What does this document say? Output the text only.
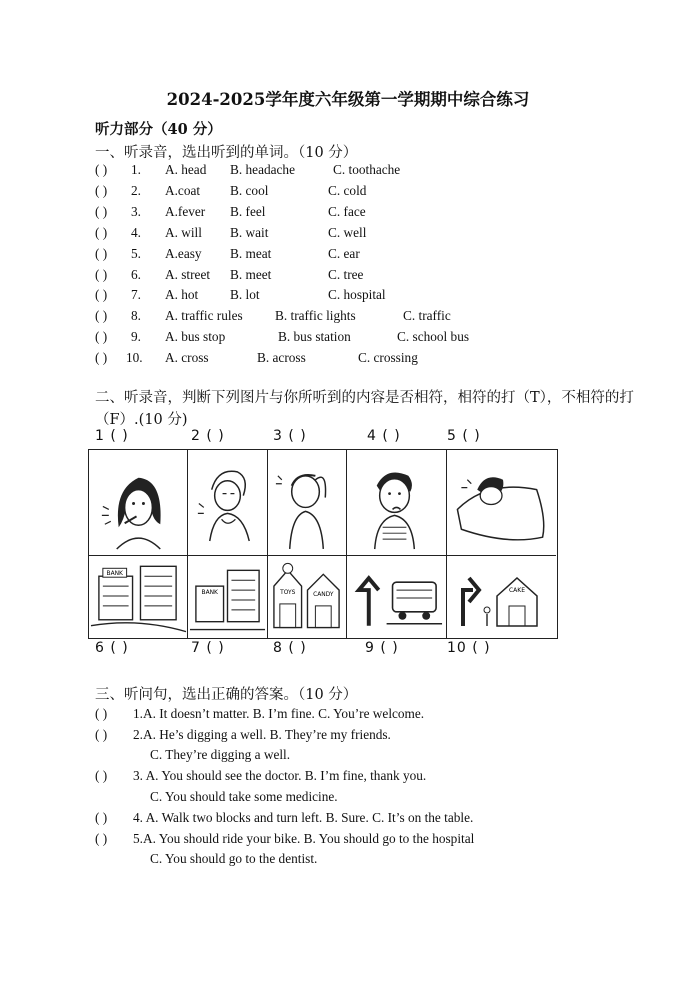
2024-2025学年度六年级第一学期期中综合练习
听力部分（40 分）
一、听录音，选出听到的单词。（10 分）
( ) 1. A. head B. headache	C. toothache
( ) 2. A.coat B. cool	C. cold
( ) 3. A.fever B. feel	C. face
( ) 4. A. will B. wait	C. well
( ) 5. A.easy B. meat	C. ear
( ) 6. A. street B. meet	C. tree
( ) 7. A. hot B. lot	C. hospital
( ) 8. A. traffic rules B. traffic lights	C. traffic
( ) 9. A. bus stop	B. bus station	C. school bus
( ) 10. A. cross	B. across	C. crossing
二、听录音，判断下列图片与你所听到的内容是否相符，相符的打（T），不相符的打（F）.(10 分)
1 ( )	2 ( )	3 ( )	4 ( )	5 ( )
BANK
BANK	TOYS	CANDY
CAKE
6 ( )	7 ( )	8 ( )	9 ( )	10 ( )
三、听问句，选出正确的答案。（10 分）
( ) 1.A. It doesn’t matter. B. I’m fine. C. You’re welcome.
( ) 2.A. He’s digging a well. B. They’re my friends.
C. They’re digging a well.
( ) 3. A. You should see the doctor. B. I’m fine, thank you.
C. You should take some medicine.
( ) 4. A. Walk two blocks and turn left. B. Sure. C. It’s on the table.
( ) 5.A. You should ride your bike. B. You should go to the hospital
C. You should go to the dentist.
